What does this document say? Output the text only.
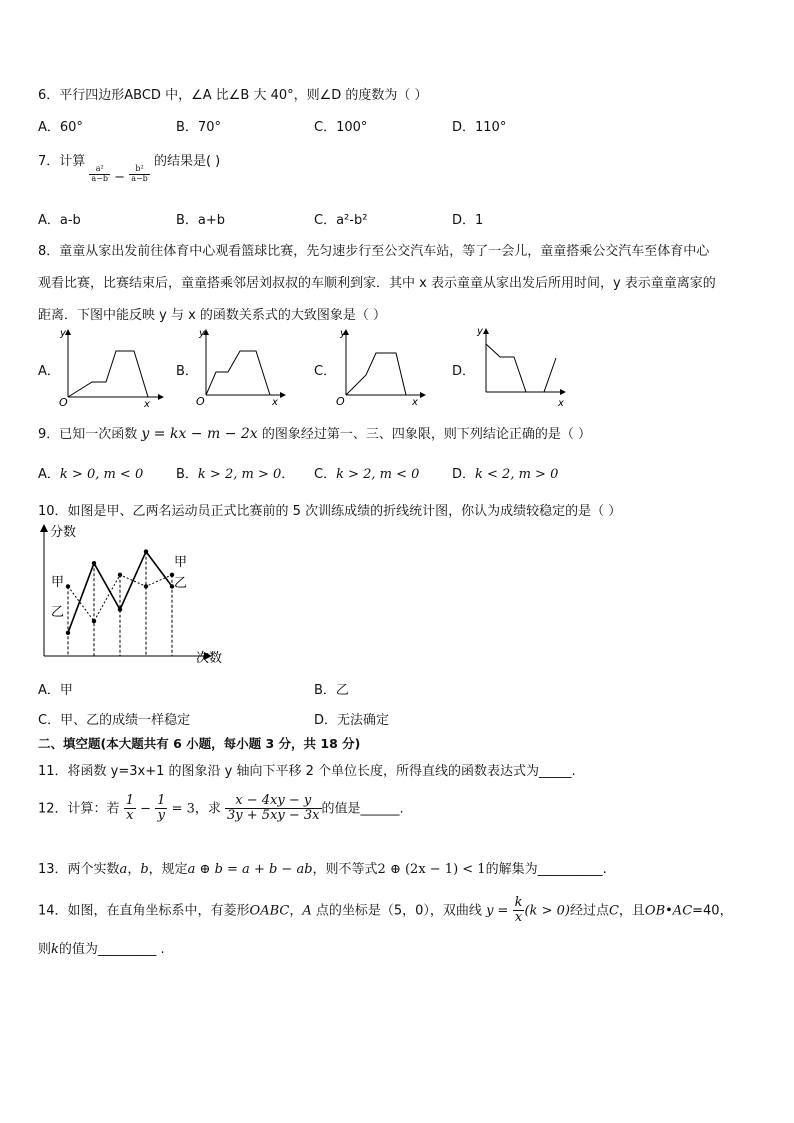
6．平行四边形ABCD 中，∠A 比∠B 大 40°，则∠D 的度数为（ ）
A．60°	B．70°	C．100°	D．110°
7．计算
$\frac{\text{a²}}{a-b} - \frac{\text{b²}}{a-b}$
的结果是( )
A．a-b	B．a+b	C．a²-b²	D．1
8．童童从家出发前往体育中心观看篮球比赛，先匀速步行至公交汽车站，等了一会儿，童童搭乘公交汽车至体育中心
观看比赛，比赛结束后，童童搭乘邻居刘叔叔的车顺利到家．其中 x 表示童童从家出发后所用时间，y 表示童童离家的
距离．下图中能反映 y 与 x 的函数关系式的大致图象是（ ）
A．
y
O	x
B．
y
O	x
C．
y
O	x
D．
y
x
9．已知一次函数 y = kx − m − 2x 的图象经过第一、三、四象限，则下列结论正确的是（ ）
A．k > 0, m < 0	B．k > 2, m > 0． C．k > 2, m < 0	D．k < 2, m > 0
10．如图是甲、乙两名运动员正式比赛前的 5 次训练成绩的折线统计图，你认为成绩较稳定的是（ ）
分数
次数
甲
乙
甲
乙
A．甲	B．乙
C．甲、乙的成绩一样稳定	D．无法确定
二、填空题(本大题共有 6 小题，每小题 3 分，共 18 分)
11．将函数 y=3x+1 的图象沿 y 轴向下平移 2 个单位长度，所得直线的函数表达式为_____.
12．计算：若 $\frac{1}{x} - \frac{1}{y} = 3$，求 $\frac{x - 4xy - y}{3y + 5xy - 3x}$ 的值是______.
13．两个实数a，b，规定a ⊕ b = a + b − ab，则不等式2 ⊕ (2x − 1) < 1的解集为__________.
14．如图，在直角坐标系中，有菱形OABC，A 点的坐标是（5，0），双曲线 $y = \frac{k}{x} (k > 0)$经过点C，且OB•AC=40，
则k的值为_________ .
